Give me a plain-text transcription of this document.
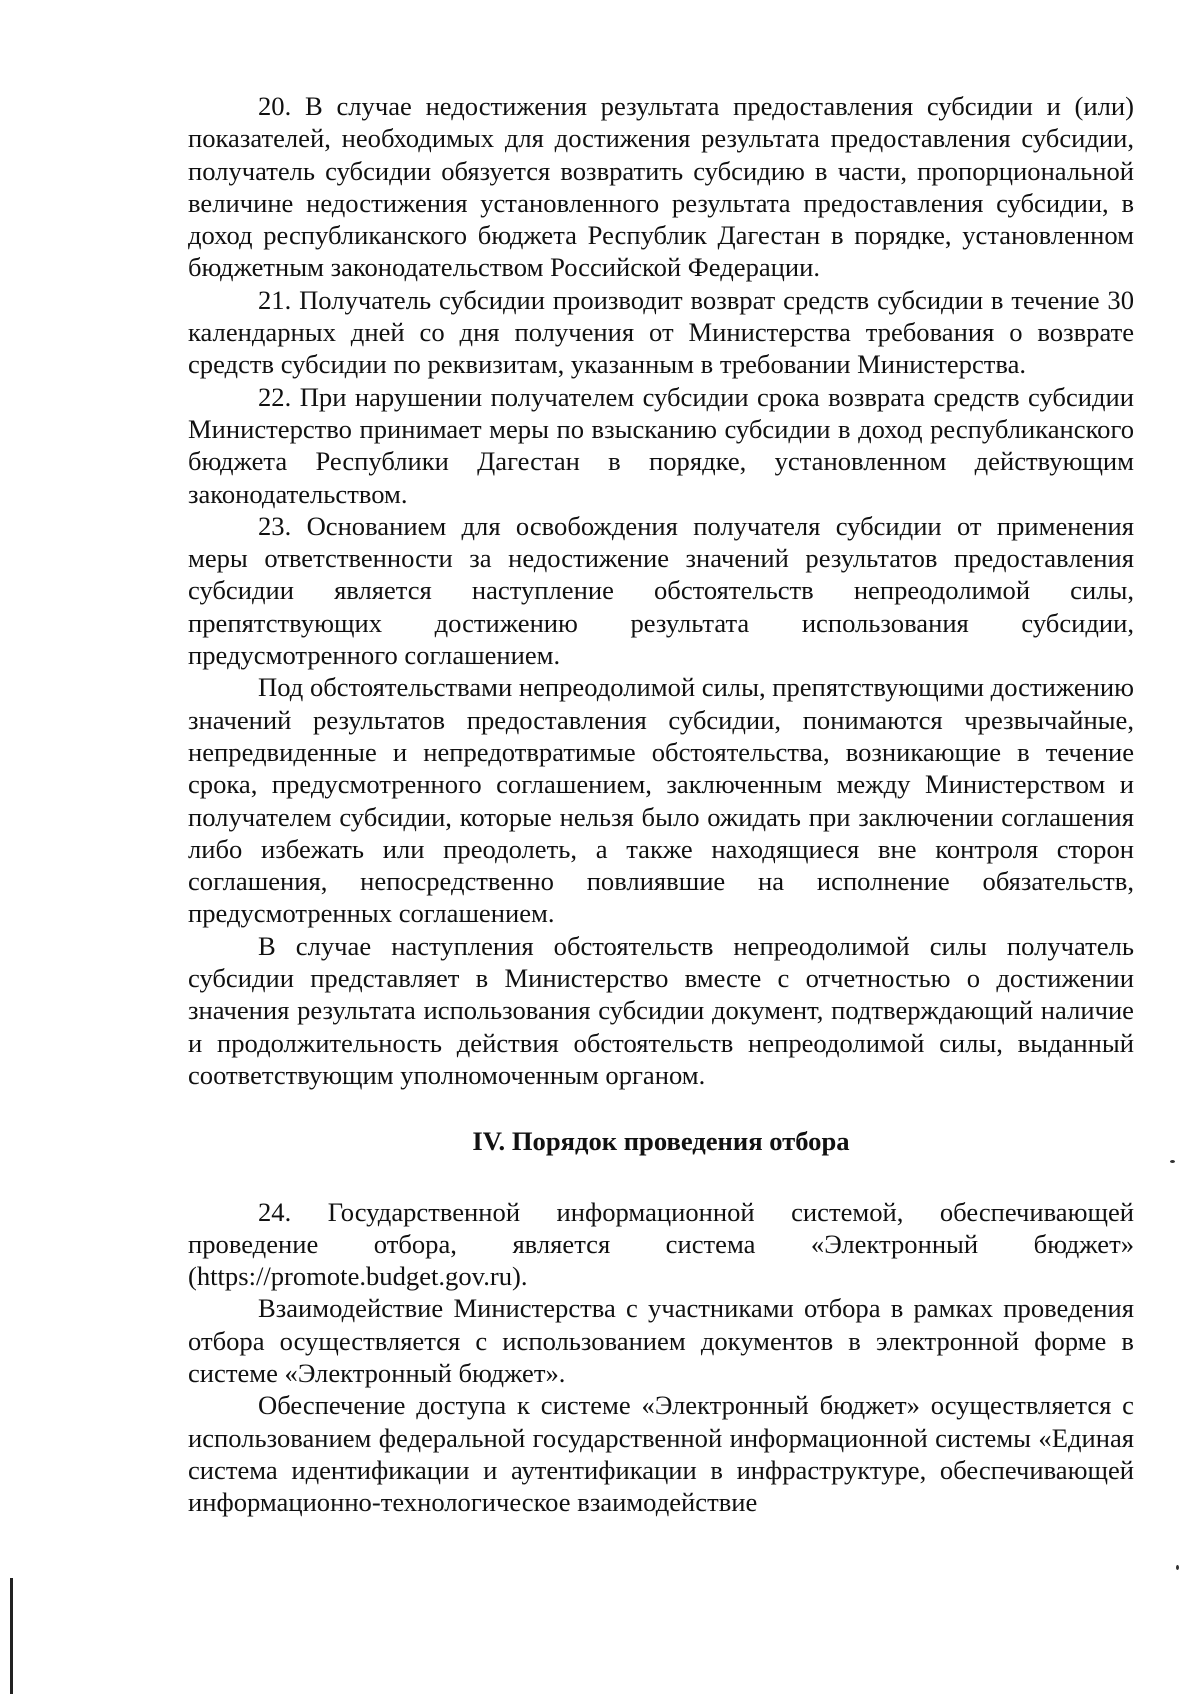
20. В случае недостижения результата предоставления субсидии и (или) показателей, необходимых для достижения результата предоставления субсидии, получатель субсидии обязуется возвратить субсидию в части, пропорциональной величине недостижения установленного результата предоставления субсидии, в доход республиканского бюджета Республик Дагестан в порядке, установленном бюджетным законодательством Российской Федерации.

21. Получатель субсидии производит возврат средств субсидии в течение 30 календарных дней со дня получения от Министерства требования о возврате средств субсидии по реквизитам, указанным в требовании Министерства.

22. При нарушении получателем субсидии срока возврата средств субсидии Министерство принимает меры по взысканию субсидии в доход республиканского бюджета Республики Дагестан в порядке, установленном действующим законодательством.

23. Основанием для освобождения получателя субсидии от применения меры ответственности за недостижение значений результатов предоставления субсидии является наступление обстоятельств непреодолимой силы, препятствующих достижению результата использования субсидии, предусмотренного соглашением.

Под обстоятельствами непреодолимой силы, препятствующими достижению значений результатов предоставления субсидии, понимаются чрезвычайные, непредвиденные и непредотвратимые обстоятельства, возникающие в течение срока, предусмотренного соглашением, заключенным между Министерством и получателем субсидии, которые нельзя было ожидать при заключении соглашения либо избежать или преодолеть, а также находящиеся вне контроля сторон соглашения, непосредственно повлиявшие на исполнение обязательств, предусмотренных соглашением.

В случае наступления обстоятельств непреодолимой силы получатель субсидии представляет в Министерство вместе с отчетностью о достижении значения результата использования субсидии документ, подтверждающий наличие и продолжительность действия обстоятельств непреодолимой силы, выданный соответствующим уполномоченным органом.

IV. Порядок проведения отбора

24. Государственной информационной системой, обеспечивающей проведение отбора, является система «Электронный бюджет» (https://promote.budget.gov.ru).

Взаимодействие Министерства с участниками отбора в рамках проведения отбора осуществляется с использованием документов в электронной форме в системе «Электронный бюджет».

Обеспечение доступа к системе «Электронный бюджет» осуществляется с использованием федеральной государственной информационной системы «Единая система идентификации и аутентификации в инфраструктуре, обеспечивающей информационно-технологическое взаимодействие
